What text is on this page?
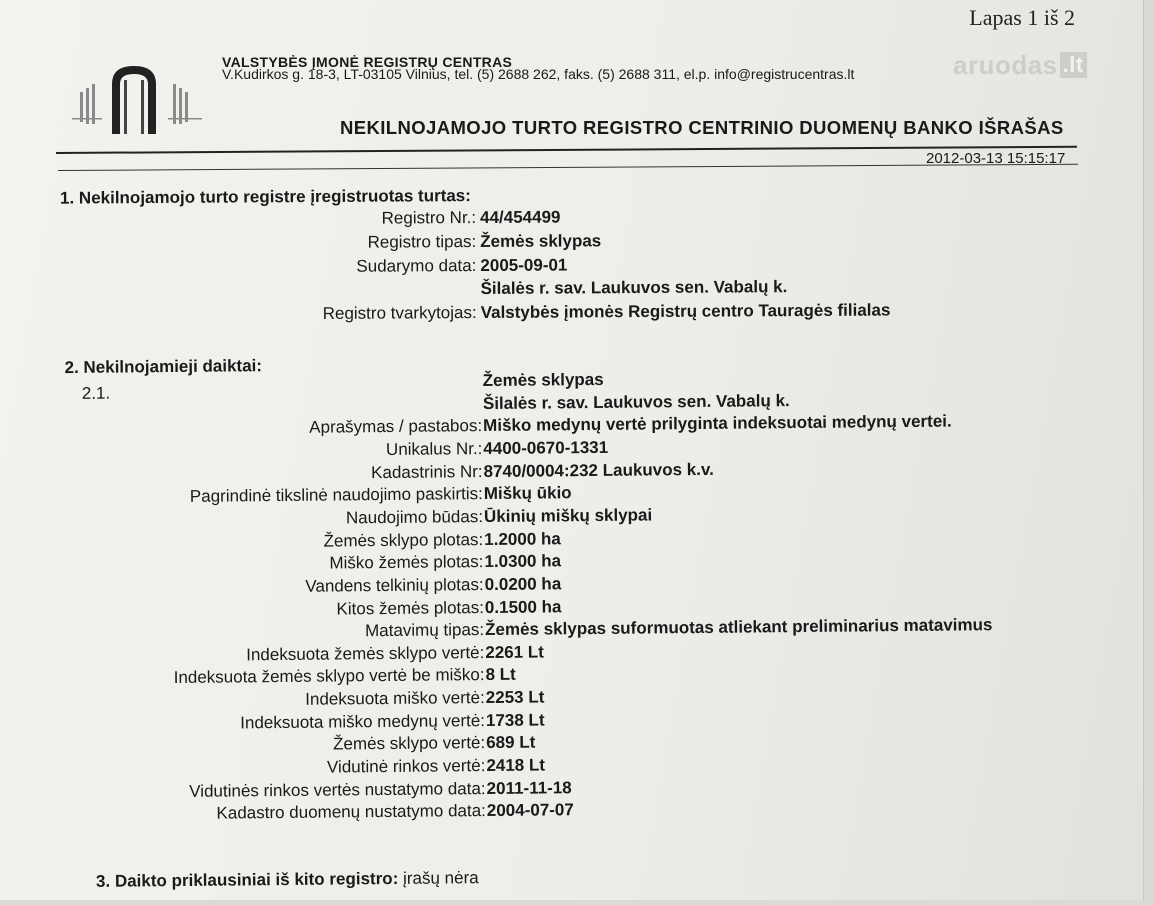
Lapas 1 iš 2
aruodas .lt
VALSTYBĖS ĮMONĖ REGISTRŲ CENTRAS
V.Kudirkos g. 18-3, LT-03105 Vilnius, tel. (5) 2688 262, faks. (5) 2688 311, el.p. info@registrucentras.lt
NEKILNOJAMOJO TURTO REGISTRO CENTRINIO DUOMENŲ BANKO IŠRAŠAS
2012-03-13 15:15:17
1. Nekilnojamojo turto registre įregistruotas turtas:
Registro Nr.: 44/454499
Registro tipas: Žemės sklypas
Sudarymo data: 2005-09-01
Šilalės r. sav. Laukuvos sen. Vabalų k.
Registro tvarkytojas: Valstybės įmonės Registrų centro Tauragės filialas
2. Nekilnojamieji daiktai:
2.1.
Žemės sklypas
Šilalės r. sav. Laukuvos sen. Vabalų k.
Aprašymas / pastabos: Miško medynų vertė prilyginta indeksuotai medynų vertei.
Unikalus Nr.: 4400-0670-1331
Kadastrinis Nr: 8740/0004:232 Laukuvos k.v.
Pagrindinė tikslinė naudojimo paskirtis: Miškų ūkio
Naudojimo būdas: Ūkinių miškų sklypai
Žemės sklypo plotas: 1.2000 ha
Miško žemės plotas: 1.0300 ha
Vandens telkinių plotas: 0.0200 ha
Kitos žemės plotas: 0.1500 ha
Matavimų tipas: Žemės sklypas suformuotas atliekant preliminarius matavimus
Indeksuota žemės sklypo vertė: 2261 Lt
Indeksuota žemės sklypo vertė be miško: 8 Lt
Indeksuota miško vertė: 2253 Lt
Indeksuota miško medynų vertė: 1738 Lt
Žemės sklypo vertė: 689 Lt
Vidutinė rinkos vertė: 2418 Lt
Vidutinės rinkos vertės nustatymo data: 2011-11-18
Kadastro duomenų nustatymo data: 2004-07-07
3. Daikto priklausiniai iš kito registro: įrašų nėra
